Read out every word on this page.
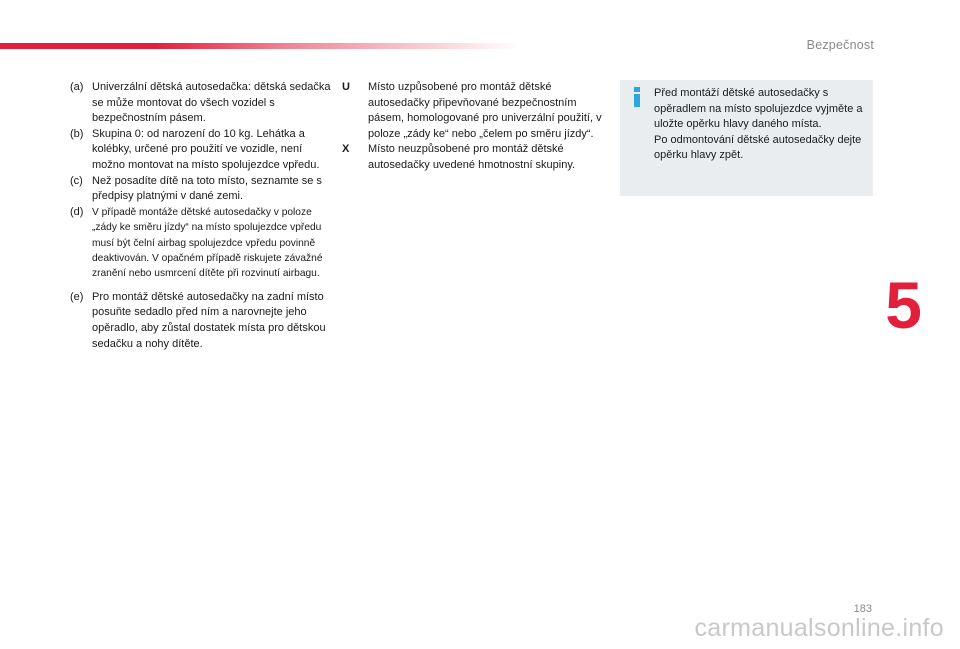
Bezpečnost
(a) Univerzální dětská autosedačka: dětská sedačka se může montovat do všech vozidel s bezpečnostním pásem.
(b) Skupina 0: od narození do 10 kg. Lehátka a kolébky, určené pro použití ve vozidle, není možno montovat na místo spolujezdce vpředu.
(c) Než posadíte dítě na toto místo, seznamte se s předpisy platnými v dané zemi.
(d) V případě montáže dětské autosedačky v poloze „zády ke směru jízdy“ na místo spolujezdce vpředu musí být čelní airbag spolujezdce vpředu povinně deaktivován. V opačném případě riskujete závažné zranění nebo usmrcení dítěte při rozvinutí airbagu.
(e) Pro montáž dětské autosedačky na zadní místo posuňte sedadlo před ním a narovnejte jeho opěradlo, aby zůstal dostatek místa pro dětskou sedačku a nohy dítěte.
U	Místo uzpůsobené pro montáž dětské autosedačky připevňované bezpečnostním pásem, homologované pro univerzální použití, v poloze „zády ke“ nebo „čelem po směru jízdy“.
X	Místo neuzpůsobené pro montáž dětské autosedačky uvedené hmotnostní skupiny.
Před montáží dětské autosedačky s opěradlem na místo spolujezdce vyjměte a uložte opěrku hlavy daného místa.
Po odmontování dětské autosedačky dejte opěrku hlavy zpět.
5
183
carmanualsonline.info
